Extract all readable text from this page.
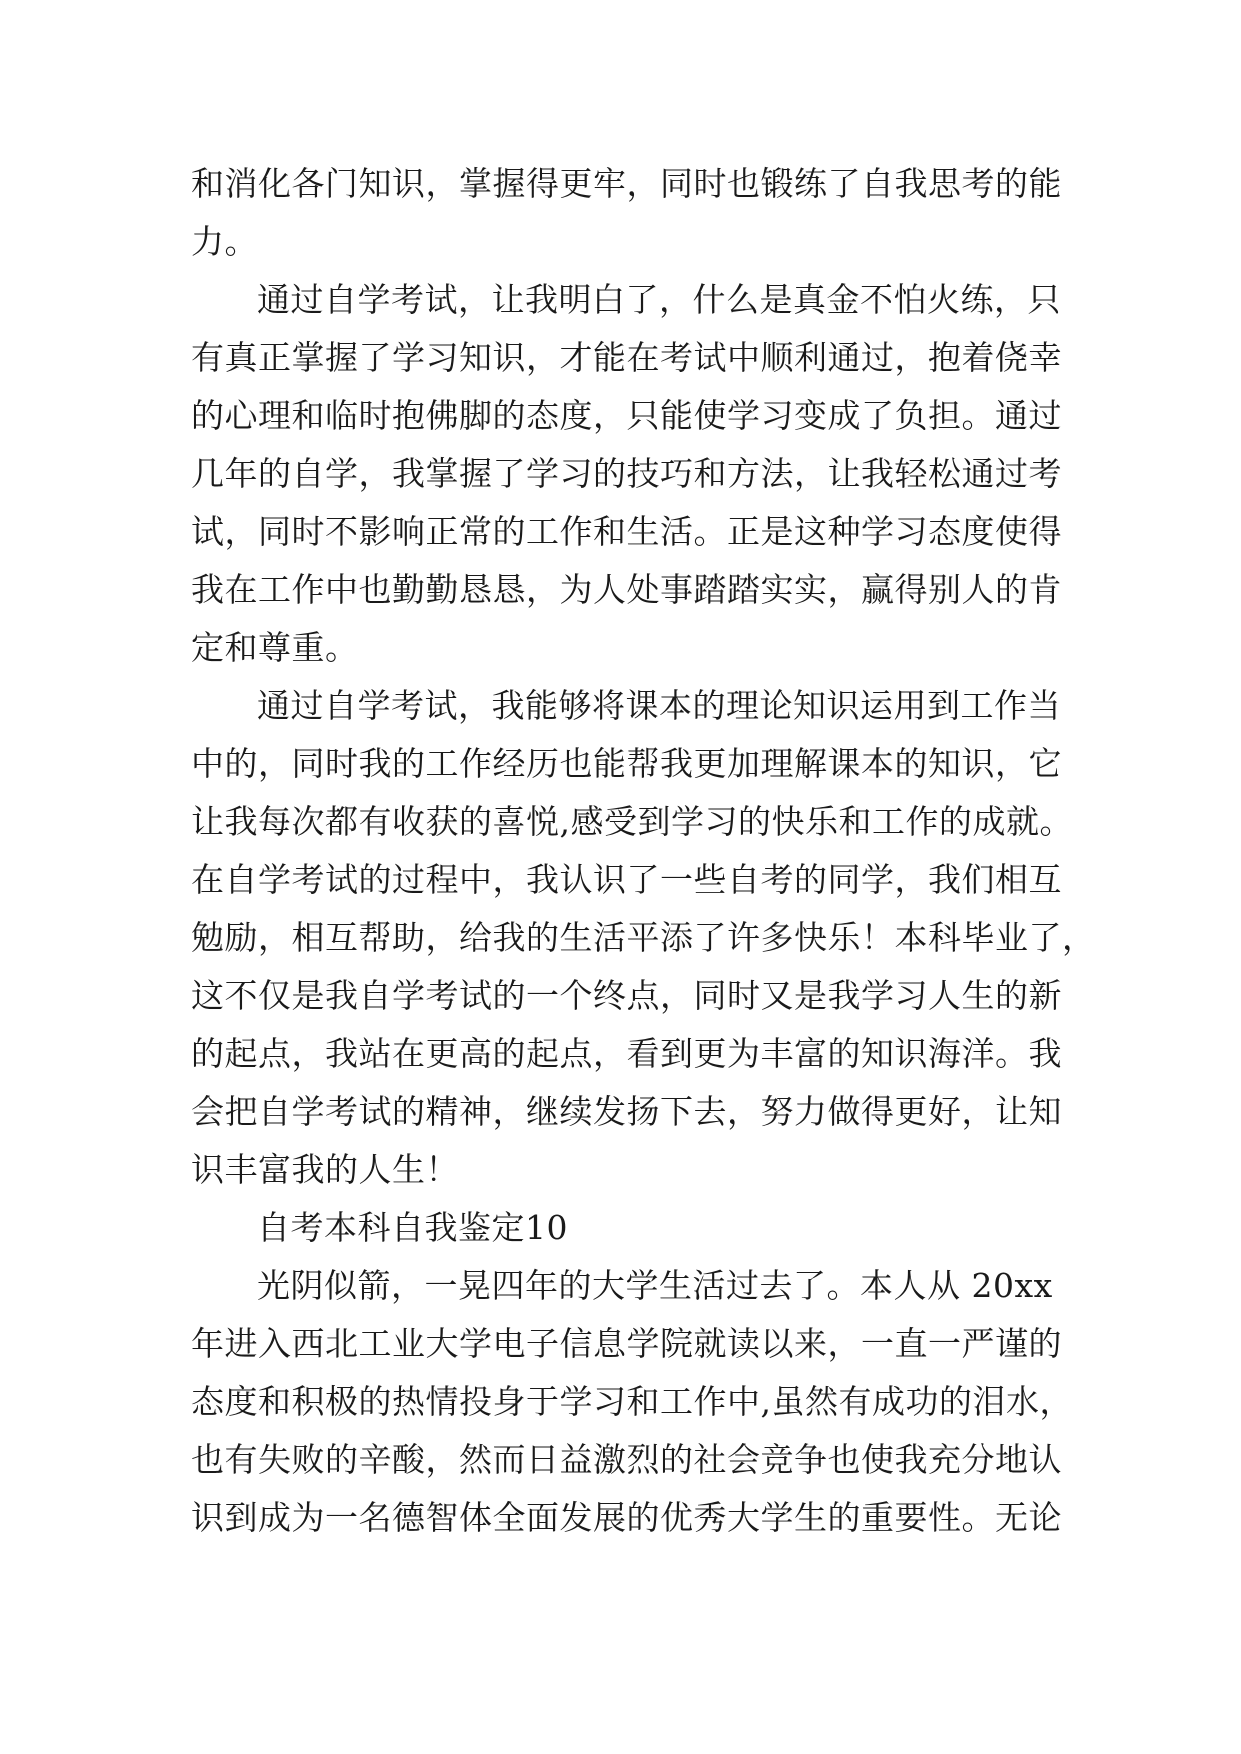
和消化各门知识，掌握得更牢，同时也锻练了自我思考的能
力。
通过自学考试，让我明白了，什么是真金不怕火练，只
有真正掌握了学习知识，才能在考试中顺利通过，抱着侥幸
的心理和临时抱佛脚的态度，只能使学习变成了负担。通过
几年的自学，我掌握了学习的技巧和方法，让我轻松通过考
试，同时不影响正常的工作和生活。正是这种学习态度使得
我在工作中也勤勤恳恳，为人处事踏踏实实，赢得别人的肯
定和尊重。
通过自学考试，我能够将课本的理论知识运用到工作当
中的，同时我的工作经历也能帮我更加理解课本的知识，它
让我每次都有收获的喜悦,感受到学习的快乐和工作的成就。
在自学考试的过程中，我认识了一些自考的同学，我们相互
勉励，相互帮助，给我的生活平添了许多快乐！本科毕业了，
这不仅是我自学考试的一个终点，同时又是我学习人生的新
的起点，我站在更高的起点，看到更为丰富的知识海洋。我
会把自学考试的精神，继续发扬下去，努力做得更好，让知
识丰富我的人生！
自考本科自我鉴定10
光阴似箭，一晃四年的大学生活过去了。本人从 20xx
年进入西北工业大学电子信息学院就读以来，一直一严谨的
态度和积极的热情投身于学习和工作中,虽然有成功的泪水，
也有失败的辛酸，然而日益激烈的社会竞争也使我充分地认
识到成为一名德智体全面发展的优秀大学生的重要性。无论
